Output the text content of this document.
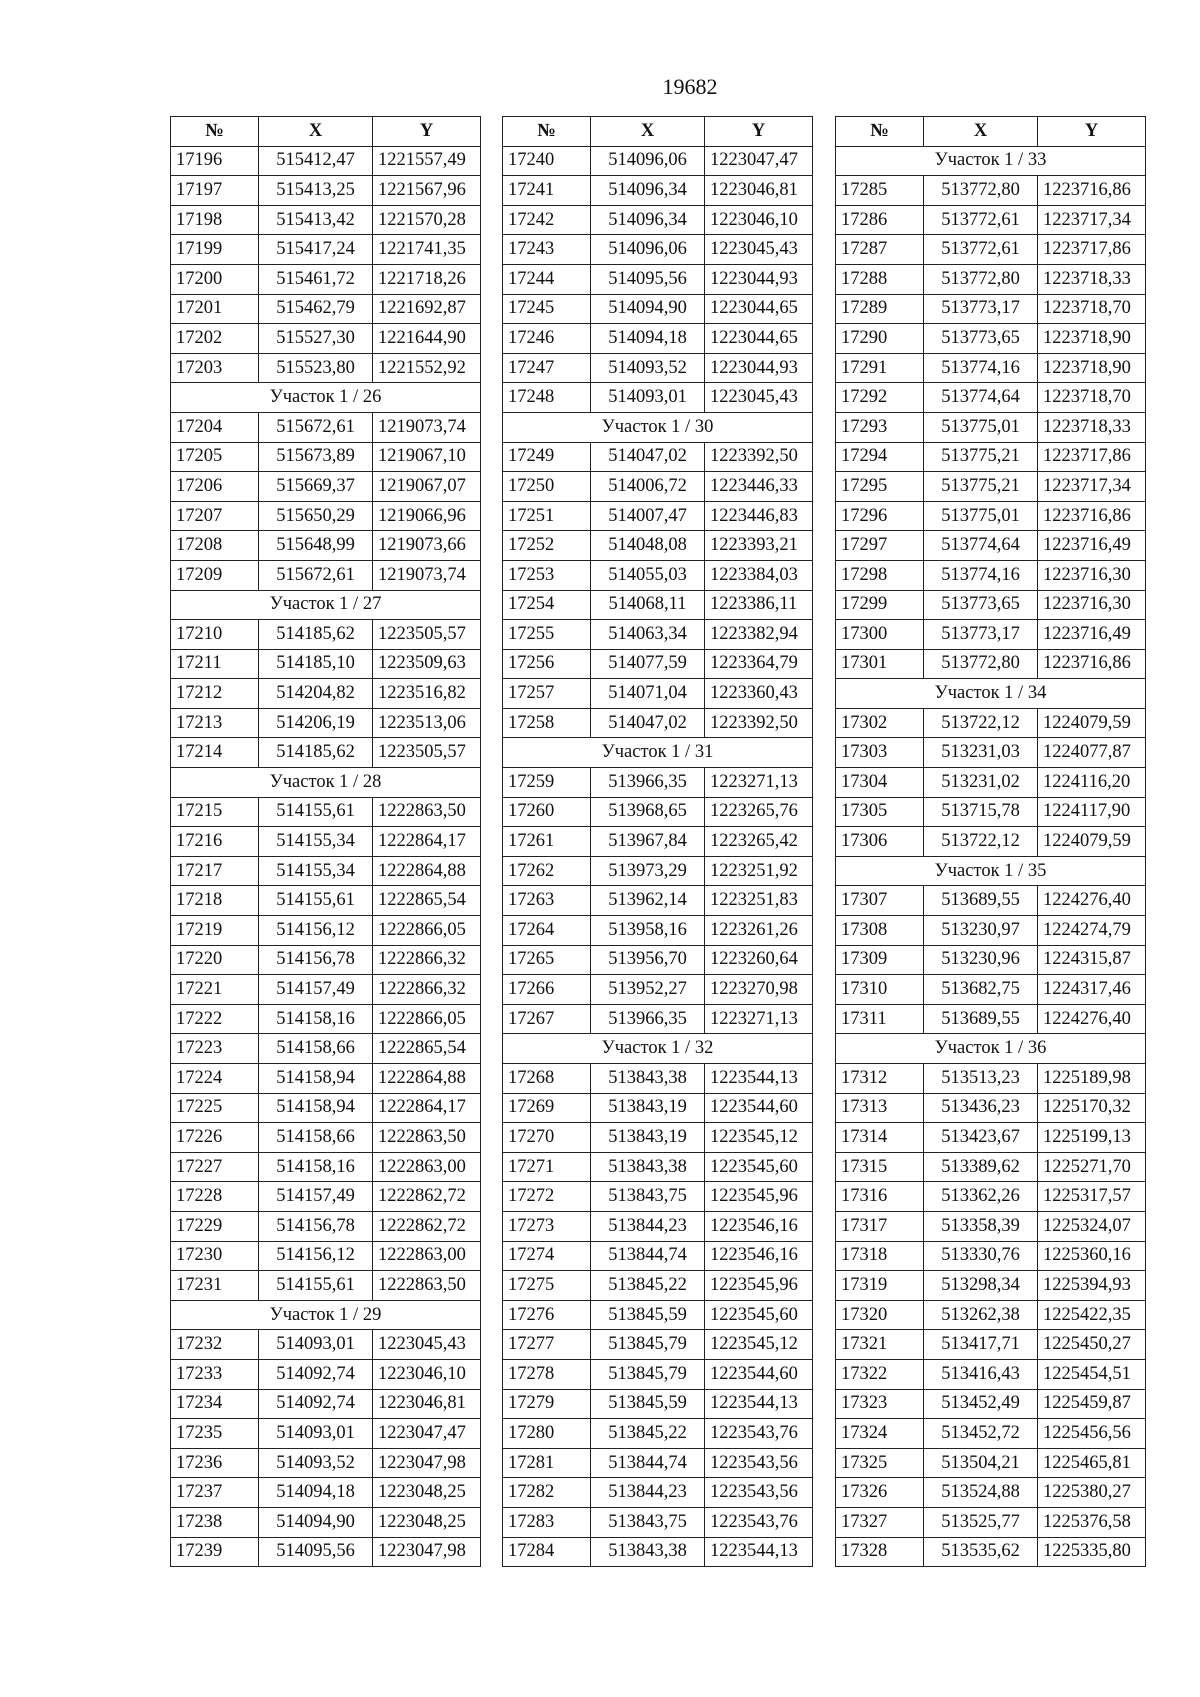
19682
№	X	Y
17196	515412,47	1221557,49
17197	515413,25	1221567,96
17198	515413,42	1221570,28
17199	515417,24	1221741,35
17200	515461,72	1221718,26
17201	515462,79	1221692,87
17202	515527,30	1221644,90
17203	515523,80	1221552,92
Участок 1 / 26		
17204	515672,61	1219073,74
17205	515673,89	1219067,10
17206	515669,37	1219067,07
17207	515650,29	1219066,96
17208	515648,99	1219073,66
17209	515672,61	1219073,74
Участок 1 / 27		
17210	514185,62	1223505,57
17211	514185,10	1223509,63
17212	514204,82	1223516,82
17213	514206,19	1223513,06
17214	514185,62	1223505,57
Участок 1 / 28		
17215	514155,61	1222863,50
17216	514155,34	1222864,17
17217	514155,34	1222864,88
17218	514155,61	1222865,54
17219	514156,12	1222866,05
17220	514156,78	1222866,32
17221	514157,49	1222866,32
17222	514158,16	1222866,05
17223	514158,66	1222865,54
17224	514158,94	1222864,88
17225	514158,94	1222864,17
17226	514158,66	1222863,50
17227	514158,16	1222863,00
17228	514157,49	1222862,72
17229	514156,78	1222862,72
17230	514156,12	1222863,00
17231	514155,61	1222863,50
Участок 1 / 29		
17232	514093,01	1223045,43
17233	514092,74	1223046,10
17234	514092,74	1223046,81
17235	514093,01	1223047,47
17236	514093,52	1223047,98
17237	514094,18	1223048,25
17238	514094,90	1223048,25
17239	514095,56	1223047,98
№	X	Y
17240	514096,06	1223047,47
17241	514096,34	1223046,81
17242	514096,34	1223046,10
17243	514096,06	1223045,43
17244	514095,56	1223044,93
17245	514094,90	1223044,65
17246	514094,18	1223044,65
17247	514093,52	1223044,93
17248	514093,01	1223045,43
Участок 1 / 30		
17249	514047,02	1223392,50
17250	514006,72	1223446,33
17251	514007,47	1223446,83
17252	514048,08	1223393,21
17253	514055,03	1223384,03
17254	514068,11	1223386,11
17255	514063,34	1223382,94
17256	514077,59	1223364,79
17257	514071,04	1223360,43
17258	514047,02	1223392,50
Участок 1 / 31		
17259	513966,35	1223271,13
17260	513968,65	1223265,76
17261	513967,84	1223265,42
17262	513973,29	1223251,92
17263	513962,14	1223251,83
17264	513958,16	1223261,26
17265	513956,70	1223260,64
17266	513952,27	1223270,98
17267	513966,35	1223271,13
Участок 1 / 32		
17268	513843,38	1223544,13
17269	513843,19	1223544,60
17270	513843,19	1223545,12
17271	513843,38	1223545,60
17272	513843,75	1223545,96
17273	513844,23	1223546,16
17274	513844,74	1223546,16
17275	513845,22	1223545,96
17276	513845,59	1223545,60
17277	513845,79	1223545,12
17278	513845,79	1223544,60
17279	513845,59	1223544,13
17280	513845,22	1223543,76
17281	513844,74	1223543,56
17282	513844,23	1223543,56
17283	513843,75	1223543,76
17284	513843,38	1223544,13
№	X	Y
Участок 1 / 33		
17285	513772,80	1223716,86
17286	513772,61	1223717,34
17287	513772,61	1223717,86
17288	513772,80	1223718,33
17289	513773,17	1223718,70
17290	513773,65	1223718,90
17291	513774,16	1223718,90
17292	513774,64	1223718,70
17293	513775,01	1223718,33
17294	513775,21	1223717,86
17295	513775,21	1223717,34
17296	513775,01	1223716,86
17297	513774,64	1223716,49
17298	513774,16	1223716,30
17299	513773,65	1223716,30
17300	513773,17	1223716,49
17301	513772,80	1223716,86
Участок 1 / 34		
17302	513722,12	1224079,59
17303	513231,03	1224077,87
17304	513231,02	1224116,20
17305	513715,78	1224117,90
17306	513722,12	1224079,59
Участок 1 / 35		
17307	513689,55	1224276,40
17308	513230,97	1224274,79
17309	513230,96	1224315,87
17310	513682,75	1224317,46
17311	513689,55	1224276,40
Участок 1 / 36		
17312	513513,23	1225189,98
17313	513436,23	1225170,32
17314	513423,67	1225199,13
17315	513389,62	1225271,70
17316	513362,26	1225317,57
17317	513358,39	1225324,07
17318	513330,76	1225360,16
17319	513298,34	1225394,93
17320	513262,38	1225422,35
17321	513417,71	1225450,27
17322	513416,43	1225454,51
17323	513452,49	1225459,87
17324	513452,72	1225456,56
17325	513504,21	1225465,81
17326	513524,88	1225380,27
17327	513525,77	1225376,58
17328	513535,62	1225335,80
